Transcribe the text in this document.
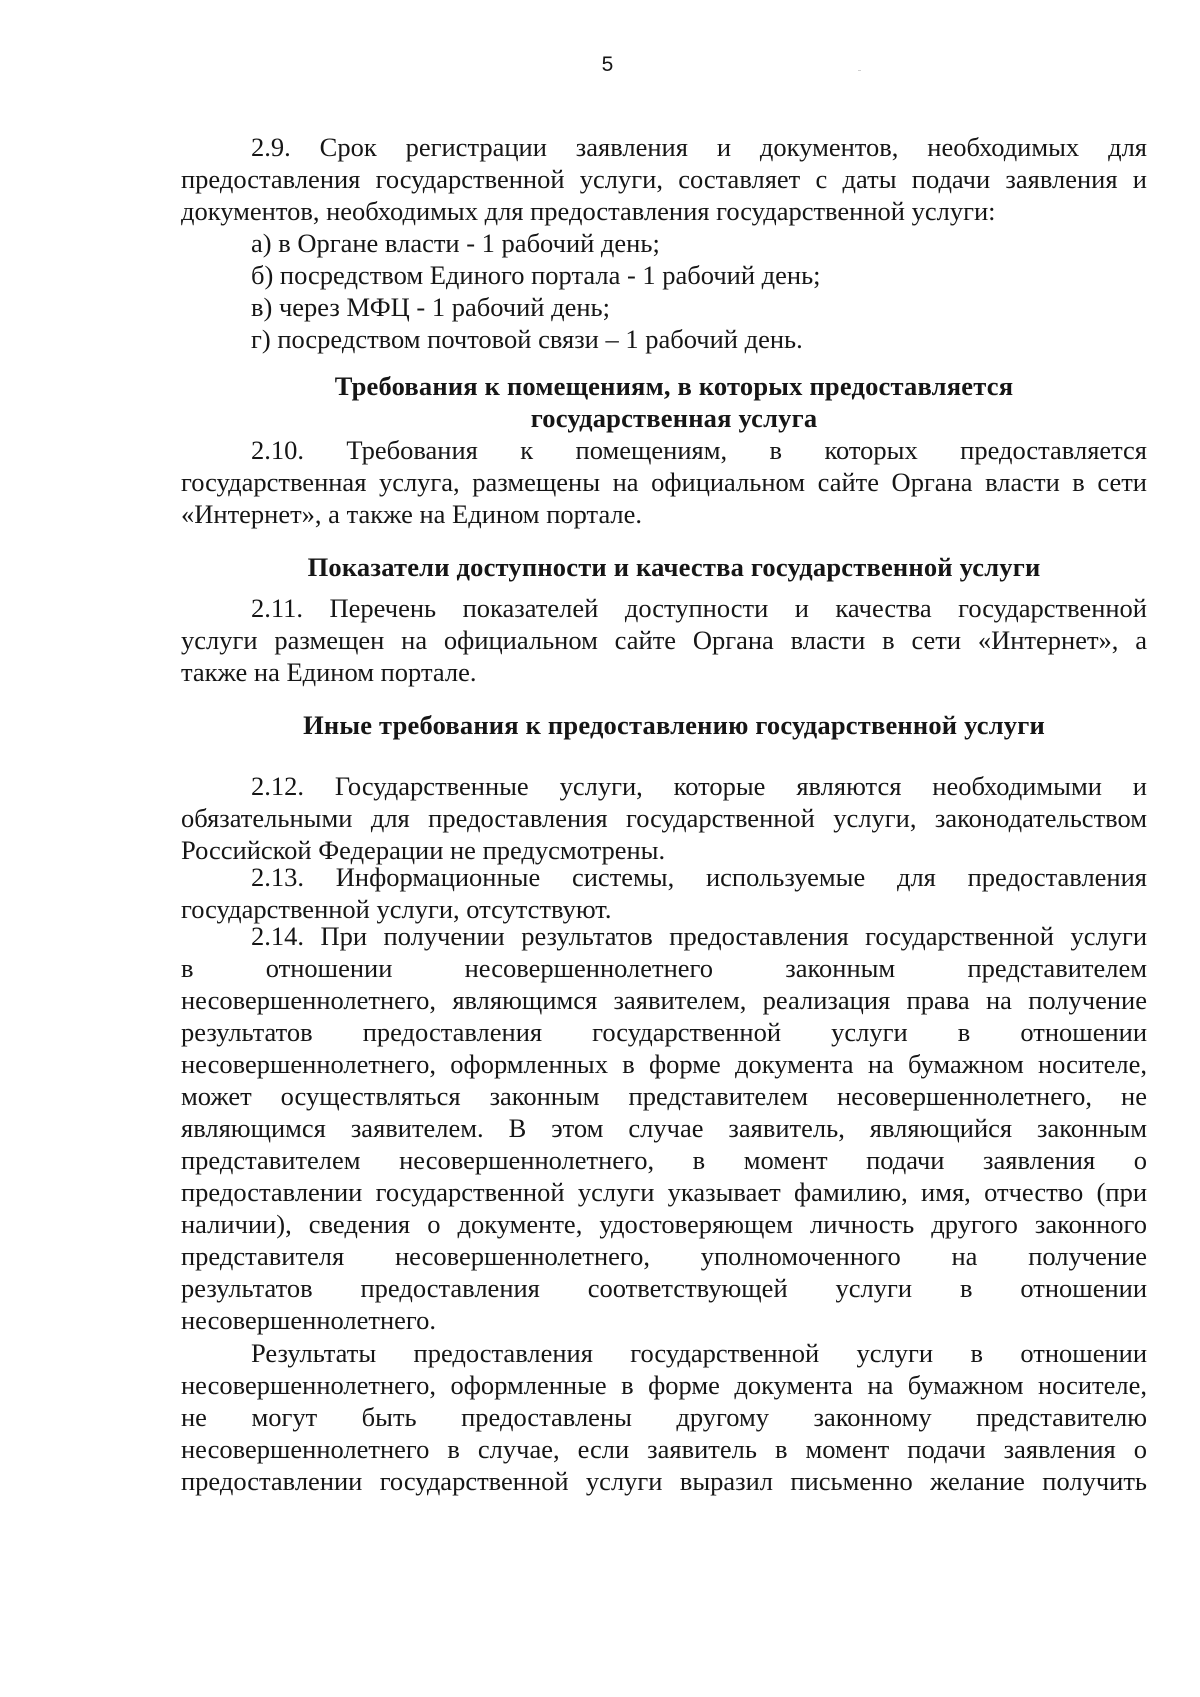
5
2.9. Срок регистрации заявления и документов, необходимых для
предоставления государственной услуги, составляет с даты подачи заявления и
документов, необходимых для предоставления государственной услуги:
а) в Органе власти - 1 рабочий день;
б) посредством Единого портала - 1 рабочий день;
в) через МФЦ - 1 рабочий день;
г) посредством почтовой связи – 1 рабочий день.
Требования к помещениям, в которых предоставляется
государственная услуга
2.10. Требования к помещениям, в которых предоставляется
государственная услуга, размещены на официальном сайте Органа власти в сети
«Интернет», а также на Едином портале.
Показатели доступности и качества государственной услуги
2.11. Перечень показателей доступности и качества государственной
услуги размещен на официальном сайте Органа власти в сети «Интернет», а
также на Едином портале.
Иные требования к предоставлению государственной услуги
2.12. Государственные услуги, которые являются необходимыми и
обязательными для предоставления государственной услуги, законодательством
Российской Федерации не предусмотрены.
2.13. Информационные системы, используемые для предоставления
государственной услуги, отсутствуют.
2.14. При получении результатов предоставления государственной услуги
в отношении несовершеннолетнего законным представителем
несовершеннолетнего, являющимся заявителем, реализация права на получение
результатов предоставления государственной услуги в отношении
несовершеннолетнего, оформленных в форме документа на бумажном носителе,
может осуществляться законным представителем несовершеннолетнего, не
являющимся заявителем. В этом случае заявитель, являющийся законным
представителем несовершеннолетнего, в момент подачи заявления о
предоставлении государственной услуги указывает фамилию, имя, отчество (при
наличии), сведения о документе, удостоверяющем личность другого законного
представителя несовершеннолетнего, уполномоченного на получение
результатов предоставления соответствующей услуги в отношении
несовершеннолетнего.
Результаты предоставления государственной услуги в отношении
несовершеннолетнего, оформленные в форме документа на бумажном носителе,
не могут быть предоставлены другому законному представителю
несовершеннолетнего в случае, если заявитель в момент подачи заявления о
предоставлении государственной услуги выразил письменно желание получить
